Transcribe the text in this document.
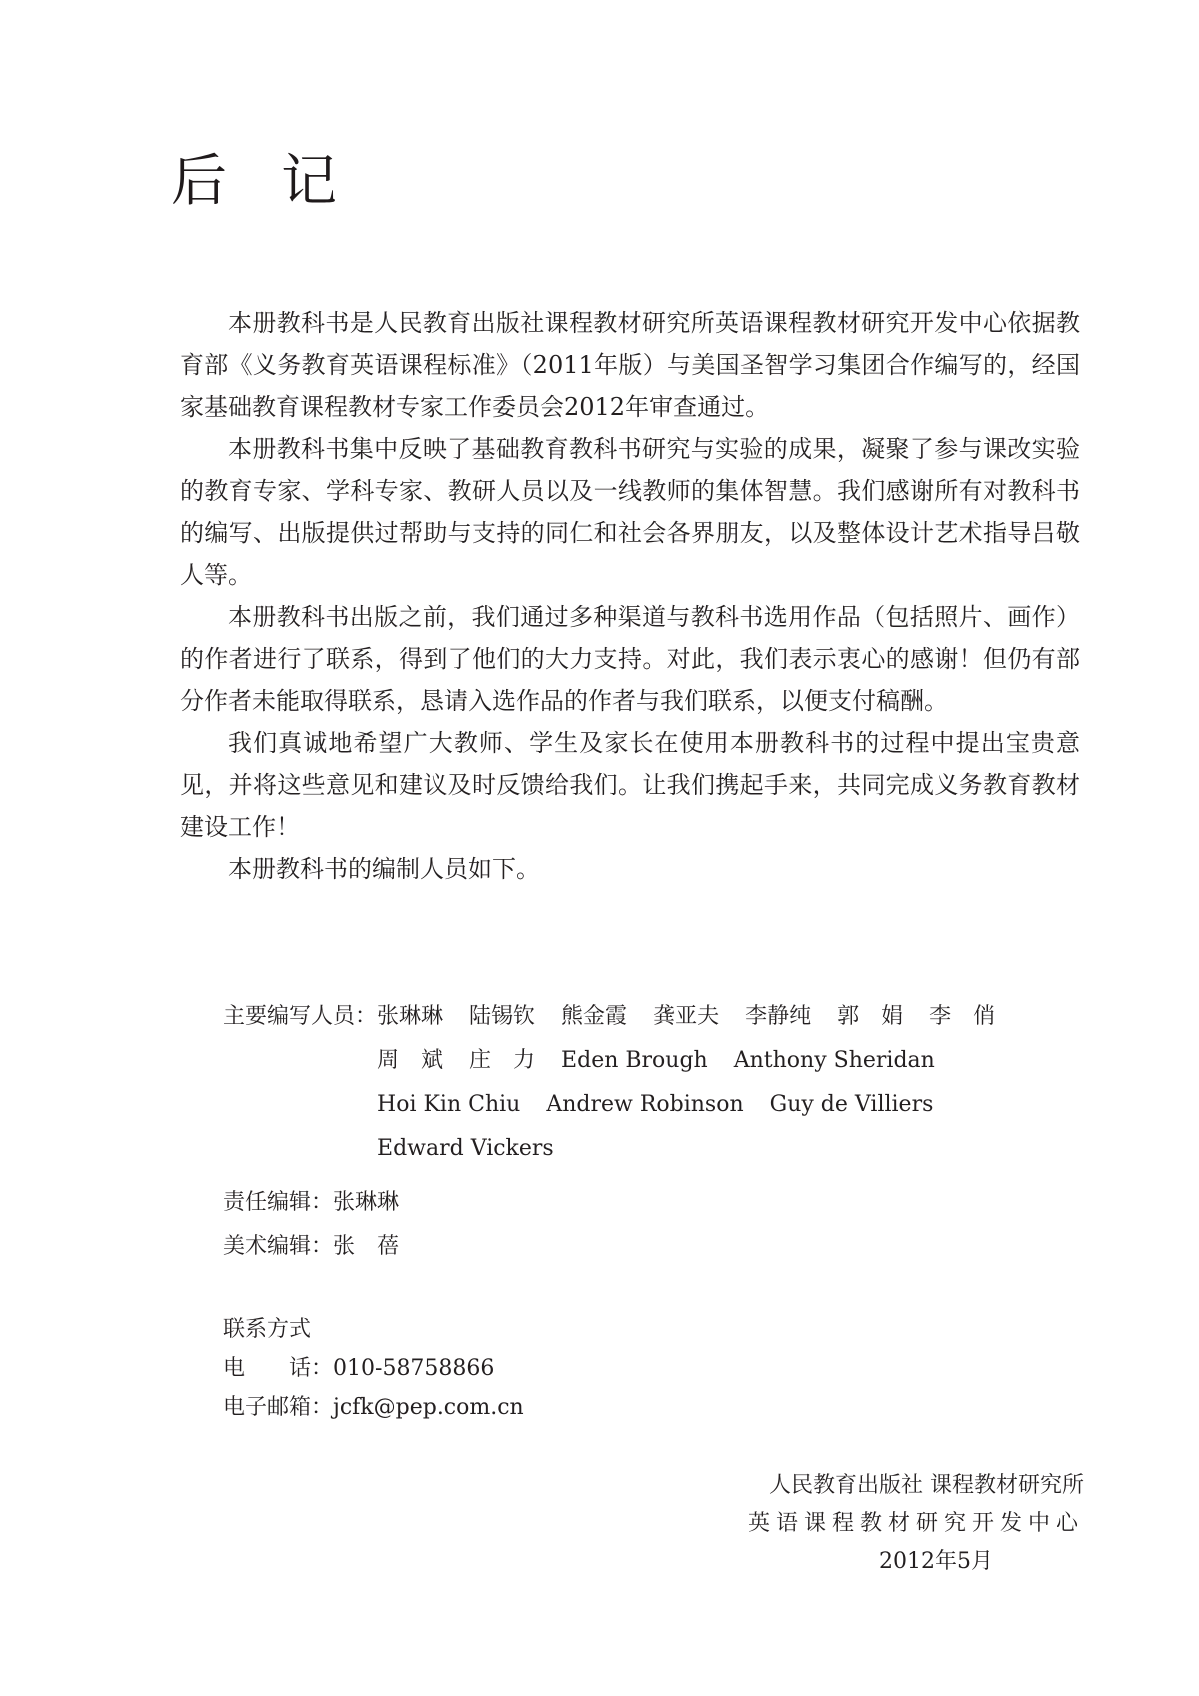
后 记

本册教科书是人民教育出版社课程教材研究所英语课程教材研究开发中心依据教育部《义务教育英语课程标准》（2011年版）与美国圣智学习集团合作编写的，经国家基础教育课程教材专家工作委员会2012年审查通过。

本册教科书集中反映了基础教育教科书研究与实验的成果，凝聚了参与课改实验的教育专家、学科专家、教研人员以及一线教师的集体智慧。我们感谢所有对教科书的编写、出版提供过帮助与支持的同仁和社会各界朋友，以及整体设计艺术指导吕敬人等。

本册教科书出版之前，我们通过多种渠道与教科书选用作品（包括照片、画作）的作者进行了联系，得到了他们的大力支持。对此，我们表示衷心的感谢！但仍有部分作者未能取得联系，恳请入选作品的作者与我们联系，以便支付稿酬。

我们真诚地希望广大教师、学生及家长在使用本册教科书的过程中提出宝贵意见，并将这些意见和建议及时反馈给我们。让我们携起手来，共同完成义务教育教材建设工作！

本册教科书的编制人员如下。

主要编写人员： 张琳琳 陆锡钦 熊金霞 龚亚夫 李静纯 郭　娟 李　俏
周　斌 庄　力 Eden Brough Anthony Sheridan
Hoi Kin Chiu Andrew Robinson Guy de Villiers
Edward Vickers
责任编辑：张琳琳
美术编辑：张　蓓
联系方式
电　　话：010-58758866
电子邮箱：jcfk@pep.com.cn
人民教育出版社 课程教材研究所
英语课程教材研究开发中心
2012年5月
